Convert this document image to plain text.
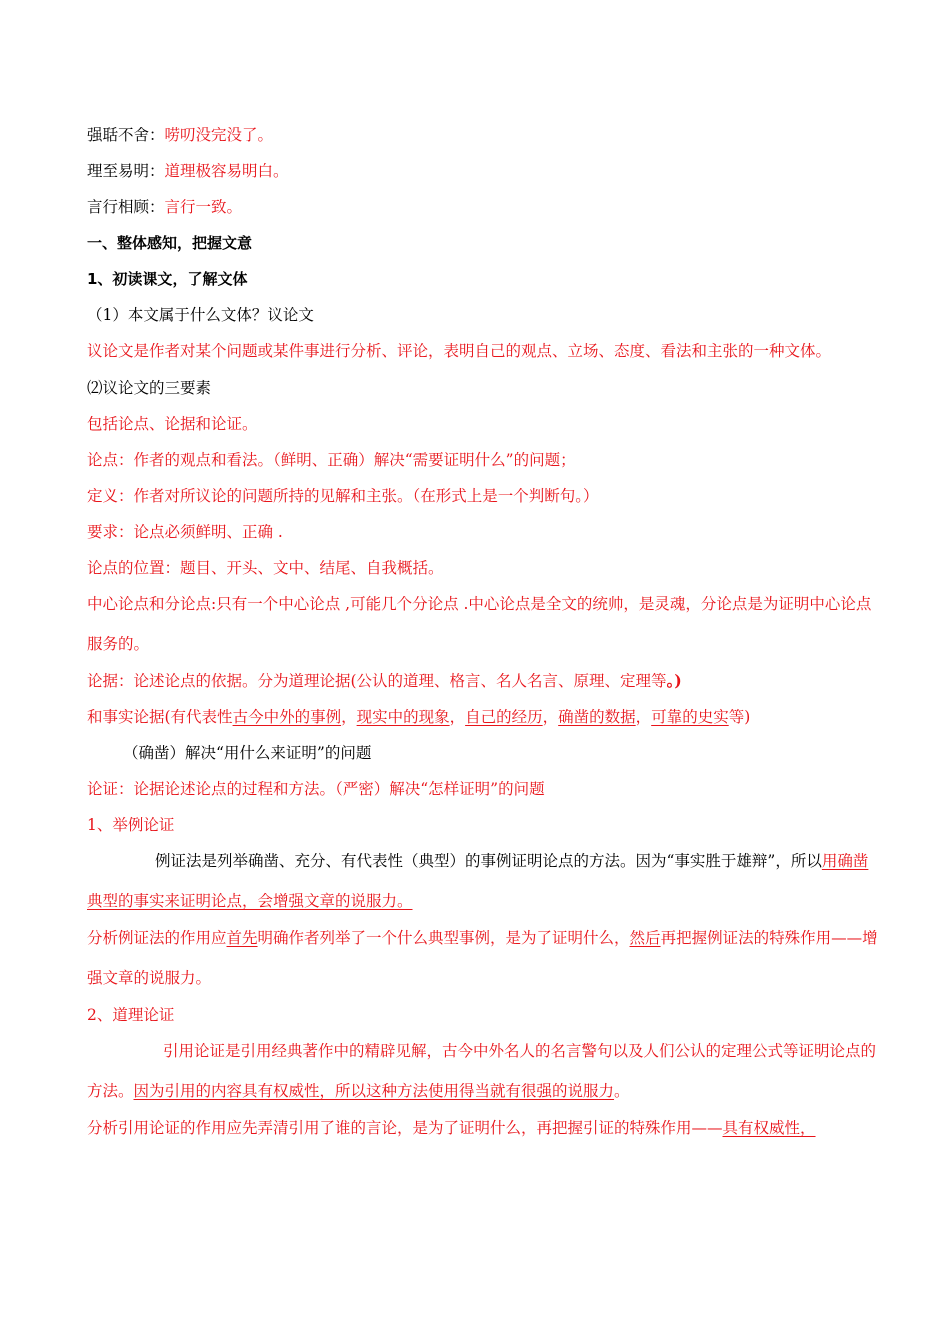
强聒不舍：唠叨没完没了。
理至易明：道理极容易明白。
言行相顾：言行一致。
一、整体感知，把握文意
1、初读课文，了解文体
（1）本文属于什么文体？议论文
议论文是作者对某个问题或某件事进行分析、评论，表明自己的观点、立场、态度、看法和主张的一种文体。
⑵议论文的三要素
包括论点、论据和论证。
论点：作者的观点和看法。（鲜明、正确）解决“需要证明什么”的问题；
定义：作者对所议论的问题所持的见解和主张。（在形式上是一个判断句。）
要求：论点必须鲜明、正确 .
论点的位置：题目、开头、文中、结尾、自我概括。
中心论点和分论点:只有一个中心论点 ,可能几个分论点 .中心论点是全文的统帅，是灵魂，分论点是为证明中心论点服务的。
论据：论述论点的依据。分为道理论据(公认的道理、格言、名人名言、原理、定理等。)
和事实论据(有代表性古今中外的事例，现实中的现象，自己的经历，确凿的数据，可靠的史实等)
（确凿）解决“用什么来证明”的问题
论证：论据论述论点的过程和方法。（严密）解决“怎样证明”的问题
1、举例论证
例证法是列举确凿、充分、有代表性（典型）的事例证明论点的方法。因为“事实胜于雄辩”，所以用确凿典型的事实来证明论点，会增强文章的说服力。
分析例证法的作用应首先明确作者列举了一个什么典型事例，是为了证明什么，然后再把握例证法的特殊作用——增强文章的说服力。
2、道理论证
引用论证是引用经典著作中的精辟见解，古今中外名人的名言警句以及人们公认的定理公式等证明论点的方法。因为引用的内容具有权威性，所以这种方法使用得当就有很强的说服力。
分析引用论证的作用应先弄清引用了谁的言论，是为了证明什么，再把握引证的特殊作用——具有权威性，
